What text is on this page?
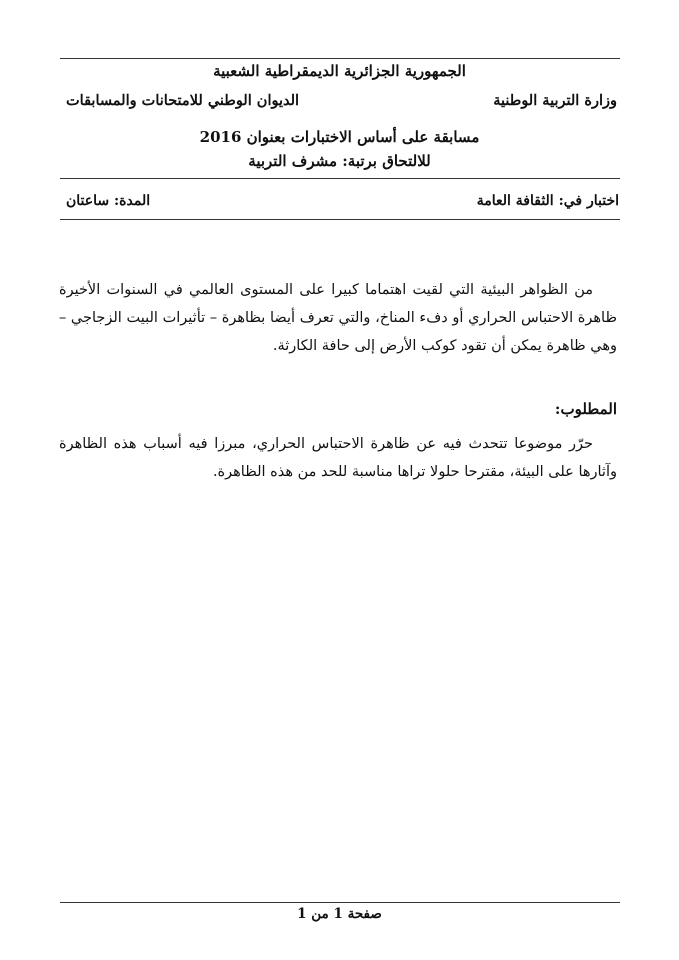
الجمهورية الجزائرية الديمقراطية الشعبية
وزارة التربية الوطنية
الديوان الوطني للامتحانات والمسابقات
مسابقة على أساس الاختبارات بعنوان 2016
للالتحاق برتبة: مشرف التربية
اختبار في: الثقافة العامة
المدة: ساعتان

من الظواهر البيئية التي لقيت اهتماما كبيرا على المستوى العالمي في السنوات الأخيرة ظاهرة الاحتباس الحراري أو دفء المناخ، والتي تعرف أيضا بظاهرة – تأثيرات البيت الزجاجي – وهي ظاهرة يمكن أن تقود كوكب الأرض إلى حافة الكارثة.

المطلوب:

حرّر موضوعا تتحدث فيه عن ظاهرة الاحتباس الحراري، مبرزا فيه أسباب هذه الظاهرة وآثارها على البيئة، مقترحا حلولا تراها مناسبة للحد من هذه الظاهرة.

صفحة 1 من 1
